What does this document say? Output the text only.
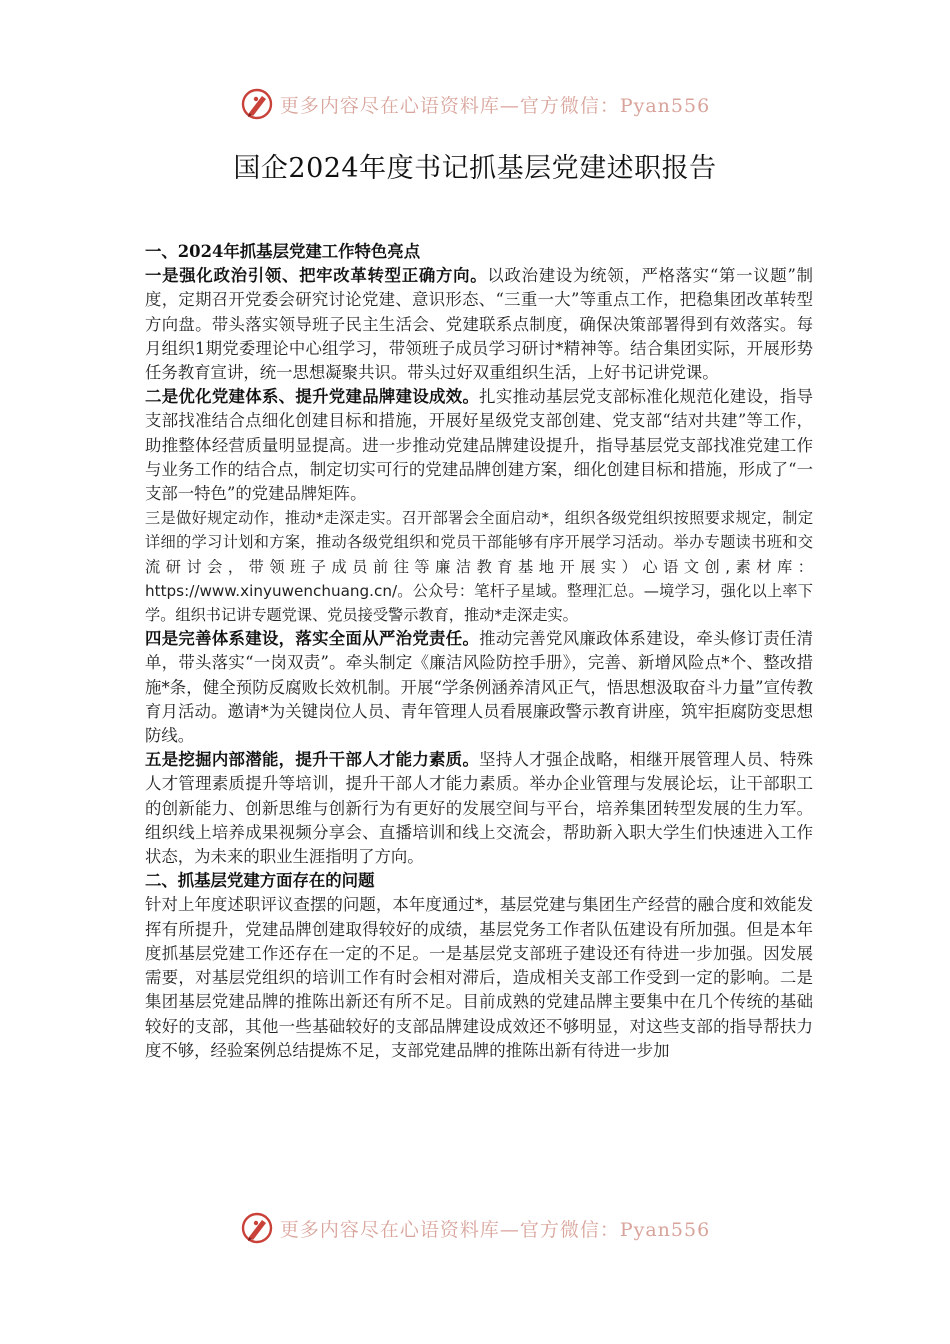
更多内容尽在心语资料库—官方微信：Pyan556
国企2024年度书记抓基层党建述职报告

一、2024年抓基层党建工作特色亮点

一是强化政治引领、把牢改革转型正确方向。以政治建设为统领，严格落实“第一议题”制度，定期召开党委会研究讨论党建、意识形态、“三重一大”等重点工作，把稳集团改革转型方向盘。带头落实领导班子民主生活会、党建联系点制度，确保决策部署得到有效落实。每月组织1期党委理论中心组学习，带领班子成员学习研讨*精神等。结合集团实际，开展形势任务教育宣讲，统一思想凝聚共识。带头过好双重组织生活，上好书记讲党课。

二是优化党建体系、提升党建品牌建设成效。扎实推动基层党支部标准化规范化建设，指导支部找准结合点细化创建目标和措施，开展好星级党支部创建、党支部“结对共建”等工作，助推整体经营质量明显提高。进一步推动党建品牌建设提升，指导基层党支部找准党建工作与业务工作的结合点，制定切实可行的党建品牌创建方案，细化创建目标和措施，形成了“一支部一特色”的党建品牌矩阵。

三是做好规定动作，推动*走深走实。召开部署会全面启动*，组织各级党组织按照要求规定，制定详细的学习计划和方案，推动各级党组织和党员干部能够有序开展学习活动。举办专题读书班和交流研讨会，带领班子成员前往等廉洁教育基地开展实）心语文创,素材库：https://www.xinyuwenchuang.cn/。公众号：笔杆子星域。整理汇总。—境学习，强化以上率下学。组织书记讲专题党课、党员接受警示教育，推动*走深走实。

四是完善体系建设，落实全面从严治党责任。推动完善党风廉政体系建设，牵头修订责任清单，带头落实“一岗双责”。牵头制定《廉洁风险防控手册》，完善、新增风险点*个、整改措施*条，健全预防反腐败长效机制。开展“学条例涵养清风正气，悟思想汲取奋斗力量”宣传教育月活动。邀请*为关键岗位人员、青年管理人员看展廉政警示教育讲座，筑牢拒腐防变思想防线。

五是挖掘内部潜能，提升干部人才能力素质。坚持人才强企战略，相继开展管理人员、特殊人才管理素质提升等培训，提升干部人才能力素质。举办企业管理与发展论坛，让干部职工的创新能力、创新思维与创新行为有更好的发展空间与平台，培养集团转型发展的生力军。组织线上培养成果视频分享会、直播培训和线上交流会，帮助新入职大学生们快速进入工作状态，为未来的职业生涯指明了方向。

二、抓基层党建方面存在的问题

针对上年度述职评议查摆的问题，本年度通过*，基层党建与集团生产经营的融合度和效能发挥有所提升，党建品牌创建取得较好的成绩，基层党务工作者队伍建设有所加强。但是本年度抓基层党建工作还存在一定的不足。一是基层党支部班子建设还有待进一步加强。因发展需要，对基层党组织的培训工作有时会相对滞后，造成相关支部工作受到一定的影响。二是集团基层党建品牌的推陈出新还有所不足。目前成熟的党建品牌主要集中在几个传统的基础较好的支部，其他一些基础较好的支部品牌建设成效还不够明显，对这些支部的指导帮扶力度不够，经验案例总结提炼不足，支部党建品牌的推陈出新有待进一步加

更多内容尽在心语资料库—官方微信：Pyan556
